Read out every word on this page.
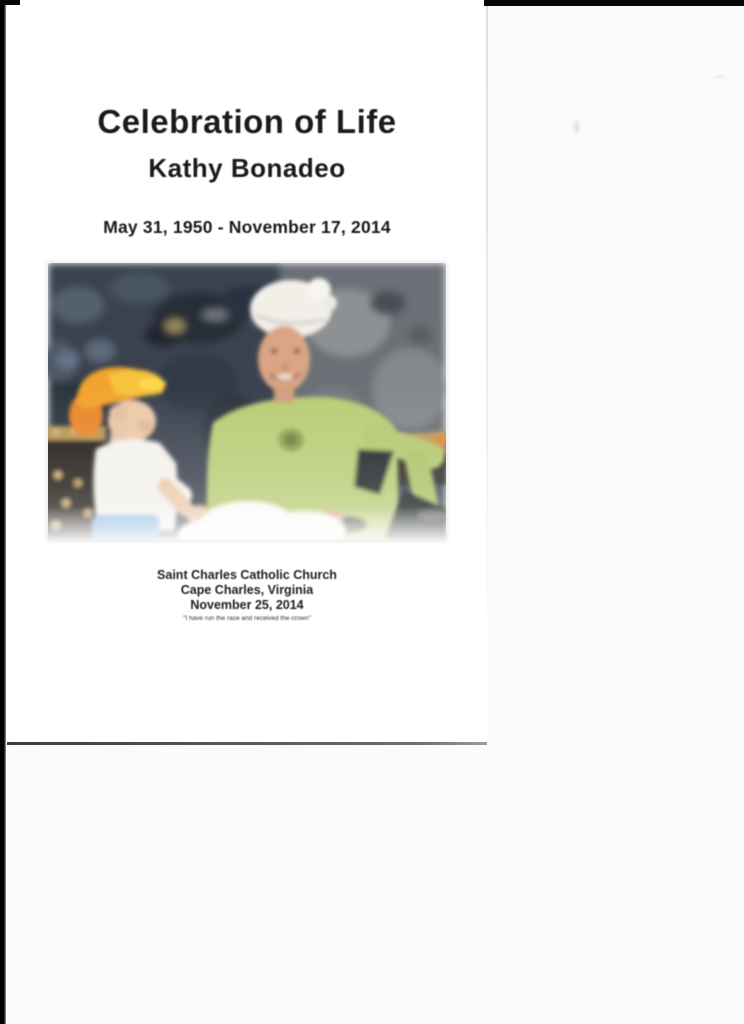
Celebration of Life
Kathy Bonadeo
May 31, 1950 - November 17, 2014
Saint Charles Catholic Church
Cape Charles, Virginia
November 25, 2014
"I have run the race and received the crown"
